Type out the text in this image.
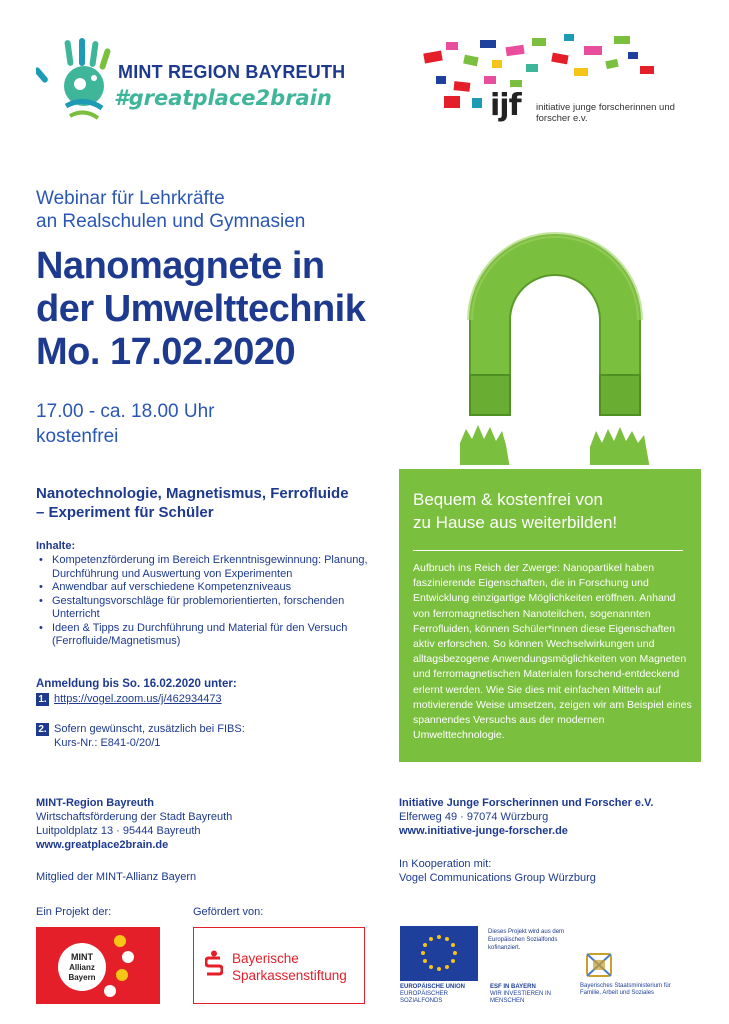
MINT REGION BAYREUTH
#greatplace2brain	ijf initiative junge forscherinnen und forscher e.v.
Webinar für Lehrkräfte
an Realschulen und Gymnasien
Nanomagnete in
der Umwelttechnik
Mo. 17.02.2020
17.00 - ca. 18.00 Uhr
kostenfrei
Nanotechnologie, Magnetismus, Ferrofluide
– Experiment für Schüler
Inhalte:
• Kompetenzförderung im Bereich Erkenntnisgewinnung: Planung, Durchführung und Auswertung von Experimenten
• Anwendbar auf verschiedene Kompetenzniveaus
• Gestaltungsvorschläge für problemorientierten, forschenden Unterricht
• Ideen & Tipps zu Durchführung und Material für den Versuch (Ferrofluide/Magnetismus)
Anmeldung bis So. 16.02.2020 unter:
1. https://vogel.zoom.us/j/462934473
2. Sofern gewünscht, zusätzlich bei FIBS:
Kurs-Nr.: E841-0/20/1
Bequem & kostenfrei von
zu Hause aus weiterbilden!
Aufbruch ins Reich der Zwerge: Nanopartikel haben faszinierende Eigenschaften, die in Forschung und Entwicklung einzigartige Möglichkeiten eröffnen. Anhand von ferromagnetischen Nanoteilchen, sogenannten Ferrofluiden, können Schüler*innen diese Eigenschaften aktiv erforschen. So können Wechselwirkungen und alltagsbezogene Anwendungsmöglichkeiten von Magneten und ferromagnetischen Materialen forschend-entdeckend erlernt werden. Wie Sie dies mit einfachen Mitteln auf motivierende Weise umsetzen, zeigen wir am Beispiel eines spannendes Versuchs aus der modernen Umwelttechnologie.
MINT-Region Bayreuth
Wirtschaftsförderung der Stadt Bayreuth
Luitpoldplatz 13 · 95444 Bayreuth
www.greatplace2brain.de
Mitglied der MINT-Allianz Bayern
Initiative Junge Forscherinnen und Forscher e.V.
Elferweg 49 · 97074 Würzburg
www.initiative-junge-forscher.de
In Kooperation mit:
Vogel Communications Group Würzburg
Ein Projekt der:	Gefördert von:
MINT
Allianz
Bayern
Bayerische
Sparkassenstiftung
EUROPÄISCHE UNION
EUROPÄISCHER SOZIALFONDS
Dieses Projekt wird aus dem Europäischen Sozialfonds kofinanziert.
ESF IN BAYERN
WIR INVESTIEREN IN MENSCHEN
Bayerisches Staatsministerium für
Familie, Arbeit und Soziales
